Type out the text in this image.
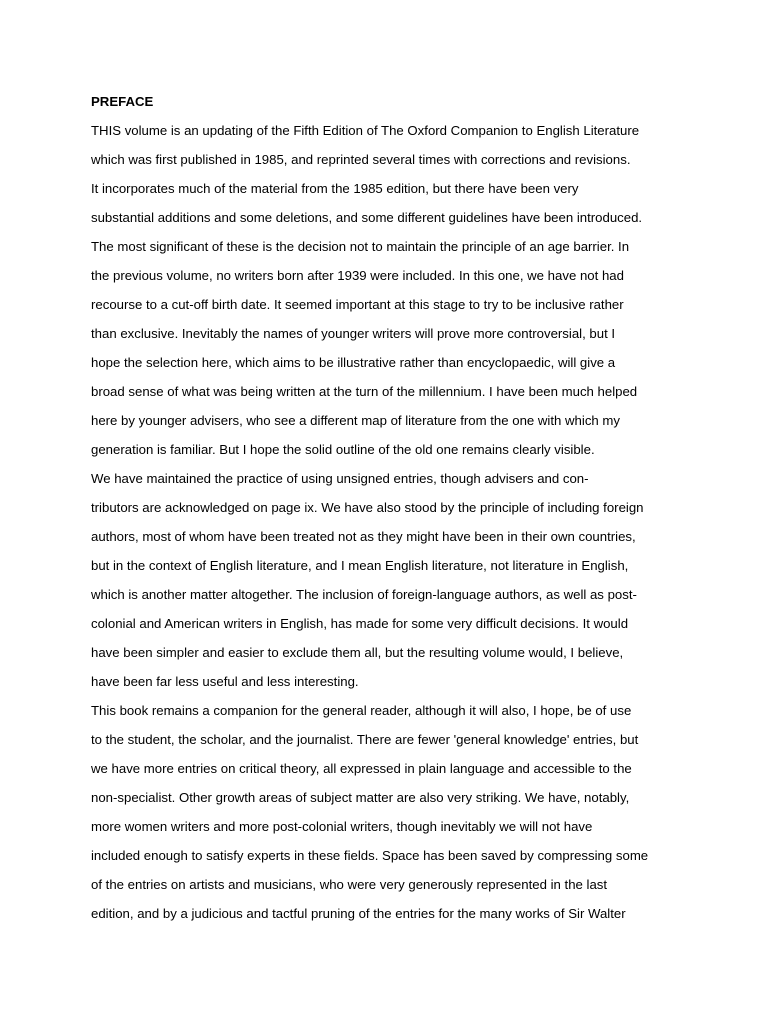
PREFACE
THIS volume is an updating of the Fifth Edition of The Oxford Companion to English Literature
which was first published in 1985, and reprinted several times with corrections and revisions.
It incorporates much of the material from the 1985 edition, but there have been very
substantial additions and some deletions, and some different guidelines have been introduced.
The most significant of these is the decision not to maintain the principle of an age barrier. In
the previous volume, no writers born after 1939 were included. In this one, we have not had
recourse to a cut-off birth date. It seemed important at this stage to try to be inclusive rather
than exclusive. Inevitably the names of younger writers will prove more controversial, but I
hope the selection here, which aims to be illustrative rather than encyclopaedic, will give a
broad sense of what was being written at the turn of the millennium. I have been much helped
here by younger advisers, who see a different map of literature from the one with which my
generation is familiar. But I hope the solid outline of the old one remains clearly visible.
We have maintained the practice of using unsigned entries, though advisers and con-
tributors are acknowledged on page ix. We have also stood by the principle of including foreign
authors, most of whom have been treated not as they might have been in their own countries,
but in the context of English literature, and I mean English literature, not literature in English,
which is another matter altogether. The inclusion of foreign-language authors, as well as post-
colonial and American writers in English, has made for some very difficult decisions. It would
have been simpler and easier to exclude them all, but the resulting volume would, I believe,
have been far less useful and less interesting.
This book remains a companion for the general reader, although it will also, I hope, be of use
to the student, the scholar, and the journalist. There are fewer 'general knowledge' entries, but
we have more entries on critical theory, all expressed in plain language and accessible to the
non-specialist. Other growth areas of subject matter are also very striking. We have, notably,
more women writers and more post-colonial writers, though inevitably we will not have
included enough to satisfy experts in these fields. Space has been saved by compressing some
of the entries on artists and musicians, who were very generously represented in the last
edition, and by a judicious and tactful pruning of the entries for the many works of Sir Walter
